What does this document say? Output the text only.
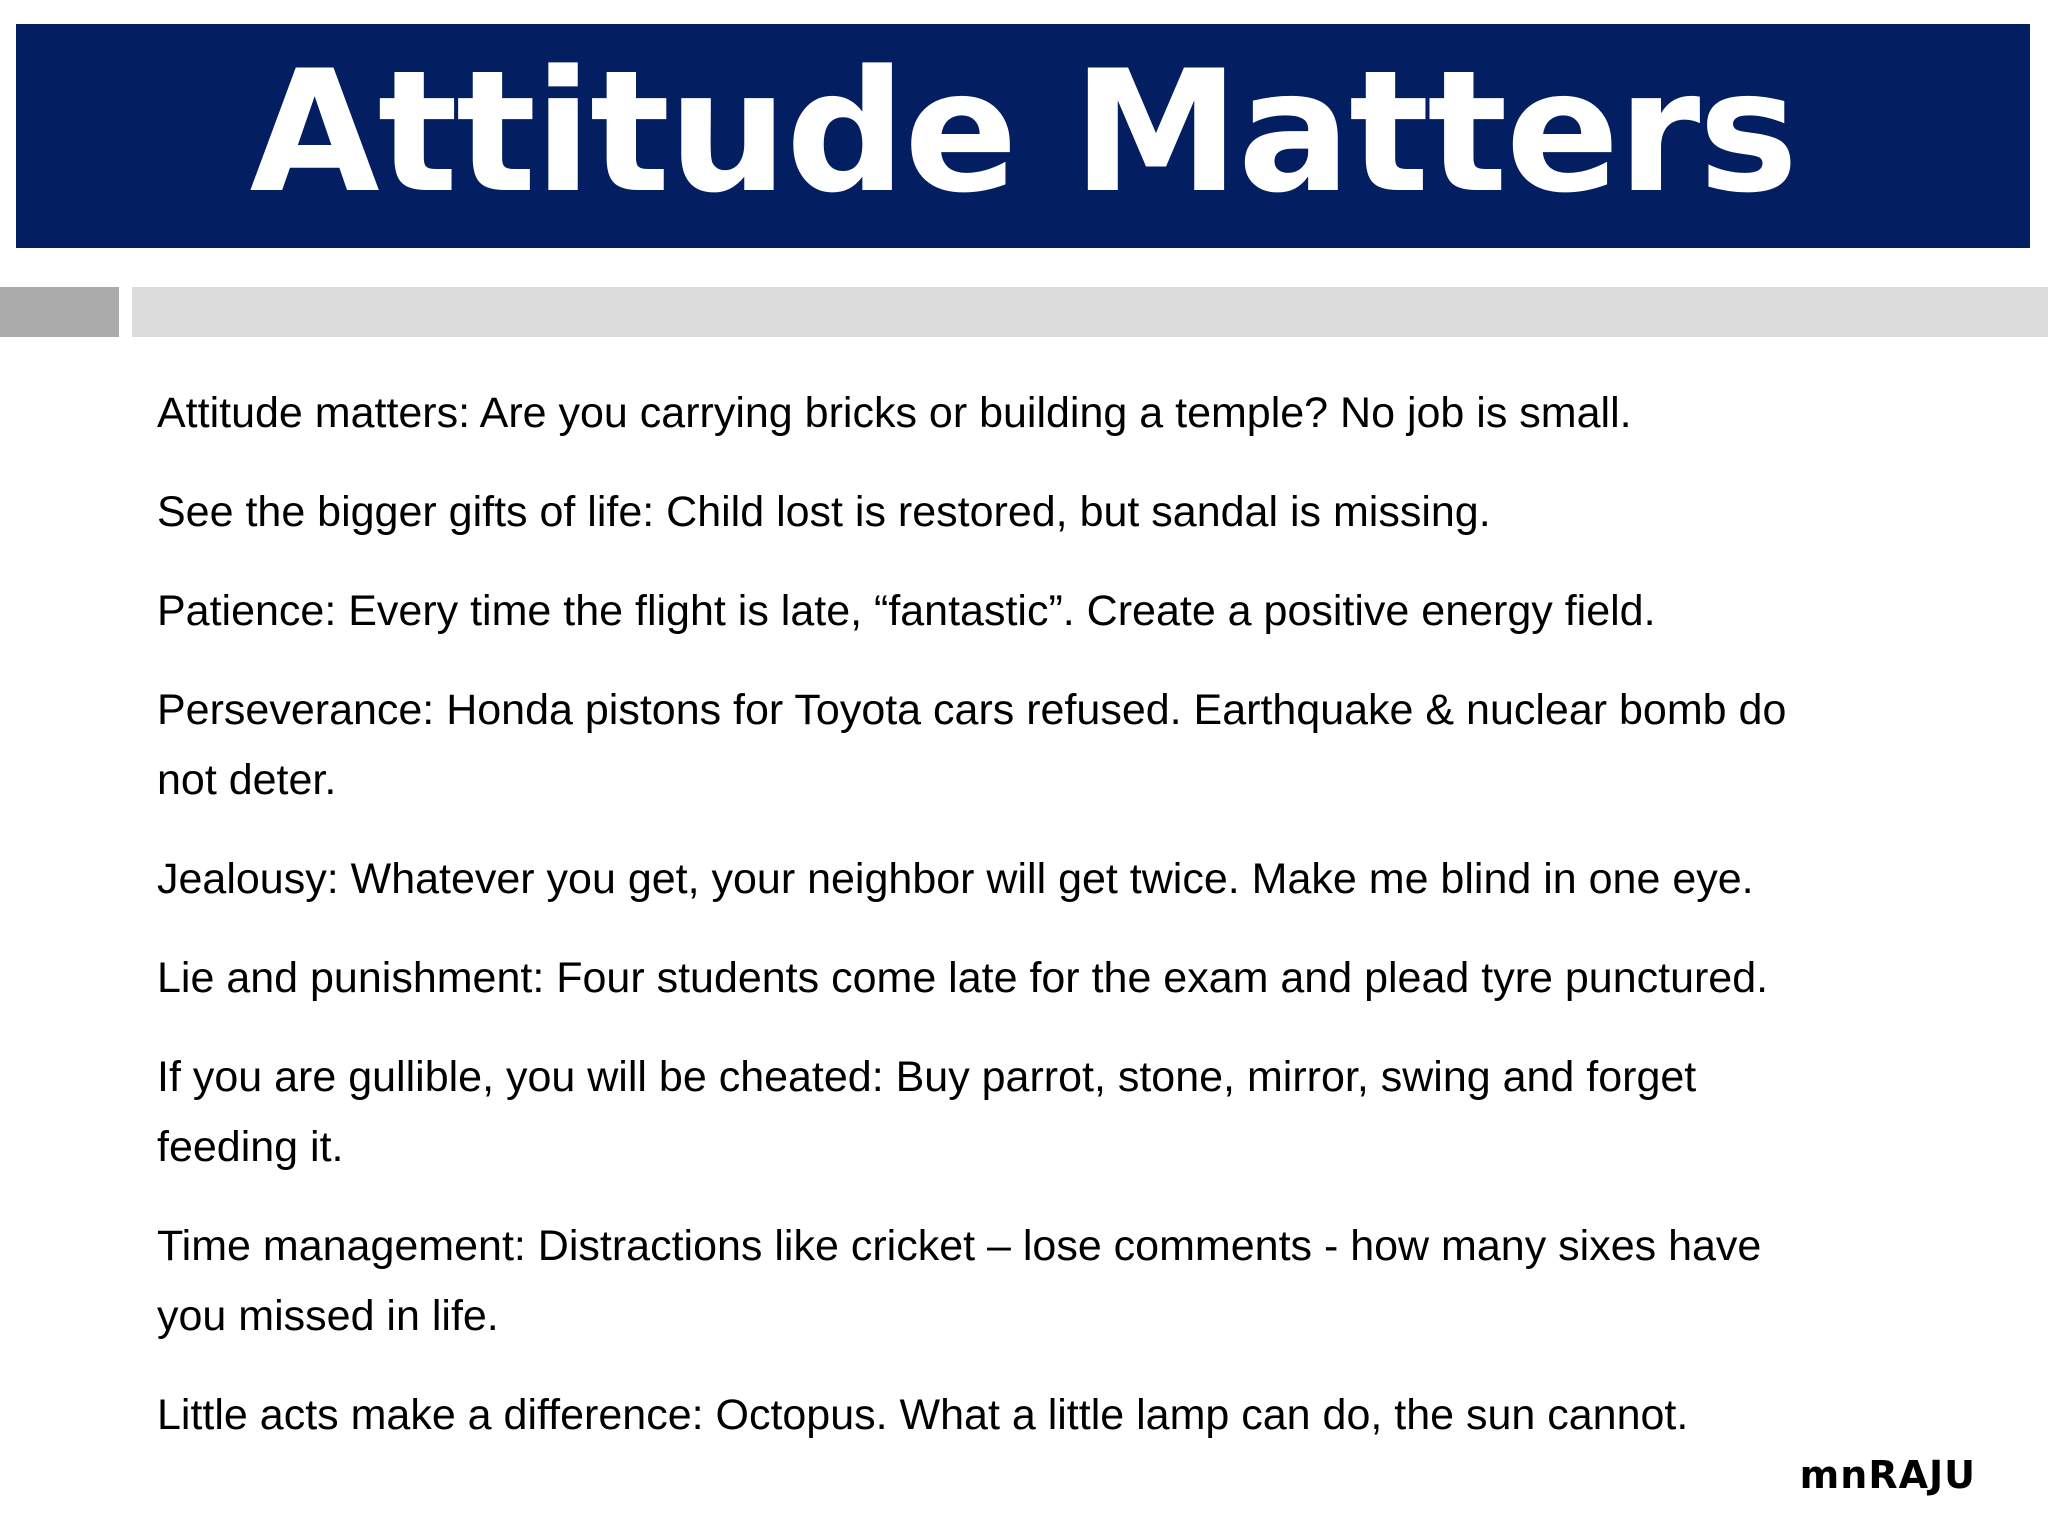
Attitude Matters

Attitude matters: Are you carrying bricks or building a temple? No job is small.

See the bigger gifts of life: Child lost is restored, but sandal is missing.

Patience: Every time the flight is late, “fantastic”. Create a positive energy field.

Perseverance: Honda pistons for Toyota cars refused. Earthquake & nuclear bomb do
not deter.

Jealousy: Whatever you get, your neighbor will get twice. Make me blind in one eye.

Lie and punishment: Four students come late for the exam and plead tyre punctured.

If you are gullible, you will be cheated: Buy parrot, stone, mirror, swing and forget
feeding it.

Time management: Distractions like cricket – lose comments - how many sixes have
you missed in life.

Little acts make a difference: Octopus. What a little lamp can do, the sun cannot.

mnRAJU
